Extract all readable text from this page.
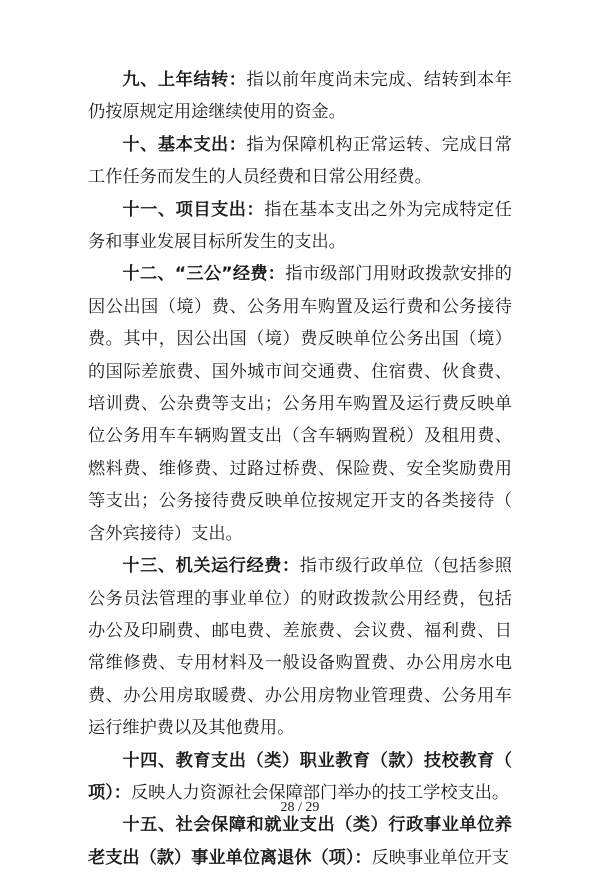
九、上年结转：指以前年度尚未完成、结转到本年仍按原规定用途继续使用的资金。

十、基本支出：指为保障机构正常运转、完成日常工作任务而发生的人员经费和日常公用经费。

十一、项目支出：指在基本支出之外为完成特定任务和事业发展目标所发生的支出。

十二、“三公”经费：指市级部门用财政拨款安排的因公出国（境）费、公务用车购置及运行费和公务接待费。其中，因公出国（境）费反映单位公务出国（境）的国际差旅费、国外城市间交通费、住宿费、伙食费、培训费、公杂费等支出；公务用车购置及运行费反映单位公务用车车辆购置支出（含车辆购置税）及租用费、燃料费、维修费、过路过桥费、保险费、安全奖励费用等支出；公务接待费反映单位按规定开支的各类接待（含外宾接待）支出。

十三、机关运行经费：指市级行政单位（包括参照公务员法管理的事业单位）的财政拨款公用经费，包括办公及印刷费、邮电费、差旅费、会议费、福利费、日常维修费、专用材料及一般设备购置费、办公用房水电费、办公用房取暖费、办公用房物业管理费、公务用车运行维护费以及其他费用。

十四、教育支出（类）职业教育（款）技校教育（项）：反映人力资源社会保障部门举办的技工学校支出。

十五、社会保障和就业支出（类）行政事业单位养老支出（款）事业单位离退休（项）：反映事业单位开支

28 / 29
